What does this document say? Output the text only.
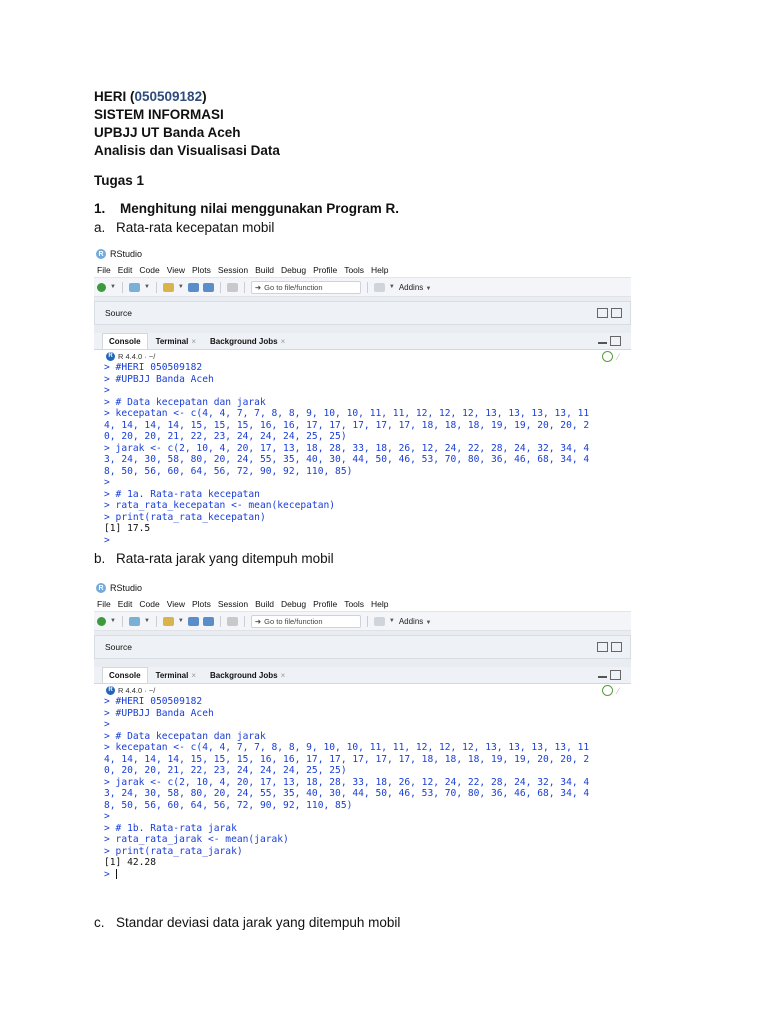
HERI (050509182)
SISTEM INFORMASI
UPBJJ UT Banda Aceh
Analisis dan Visualisasi Data
Tugas 1
1. Menghitung nilai menggunakan Program R.
a. Rata-rata kecepatan mobil
R RStudio
File Edit Code View Plots Session Build Debug Profile Tools Help
▼	▼	▼	➜ Go to file/function	▼ Addins ▼
Source
Console Terminal × Background Jobs ×
R R 4.4.0 · ~/	⁄
> #HERI 050509182
> #UPBJJ Banda Aceh
>
> # Data kecepatan dan jarak
> kecepatan <- c(4, 4, 7, 7, 8, 8, 9, 10, 10, 11, 11, 12, 12, 12, 13, 13, 13, 13, 11
4, 14, 14, 14, 15, 15, 15, 16, 16, 17, 17, 17, 17, 17, 18, 18, 18, 19, 19, 20, 20, 2
0, 20, 20, 21, 22, 23, 24, 24, 24, 25, 25)
> jarak <- c(2, 10, 4, 20, 17, 13, 18, 28, 33, 18, 26, 12, 24, 22, 28, 24, 32, 34, 4
3, 24, 30, 58, 80, 20, 24, 55, 35, 40, 30, 44, 50, 46, 53, 70, 80, 36, 46, 68, 34, 4
8, 50, 56, 60, 64, 56, 72, 90, 92, 110, 85)
>
> # 1a. Rata-rata kecepatan
> rata_rata_kecepatan <- mean(kecepatan)
> print(rata_rata_kecepatan)
[1] 17.5
>
b. Rata-rata jarak yang ditempuh mobil
R RStudio
File Edit Code View Plots Session Build Debug Profile Tools Help
▼	▼	▼	➜ Go to file/function	▼ Addins ▼
Source
Console Terminal × Background Jobs ×
R R 4.4.0 · ~/	⁄
> #HERI 050509182
> #UPBJJ Banda Aceh
>
> # Data kecepatan dan jarak
> kecepatan <- c(4, 4, 7, 7, 8, 8, 9, 10, 10, 11, 11, 12, 12, 12, 13, 13, 13, 13, 11
4, 14, 14, 14, 15, 15, 15, 16, 16, 17, 17, 17, 17, 17, 18, 18, 18, 19, 19, 20, 20, 2
0, 20, 20, 21, 22, 23, 24, 24, 24, 25, 25)
> jarak <- c(2, 10, 4, 20, 17, 13, 18, 28, 33, 18, 26, 12, 24, 22, 28, 24, 32, 34, 4
3, 24, 30, 58, 80, 20, 24, 55, 35, 40, 30, 44, 50, 46, 53, 70, 80, 36, 46, 68, 34, 4
8, 50, 56, 60, 64, 56, 72, 90, 92, 110, 85)
>
> # 1b. Rata-rata jarak
> rata_rata_jarak <- mean(jarak)
> print(rata_rata_jarak)
[1] 42.28
>
c. Standar deviasi data jarak yang ditempuh mobil
